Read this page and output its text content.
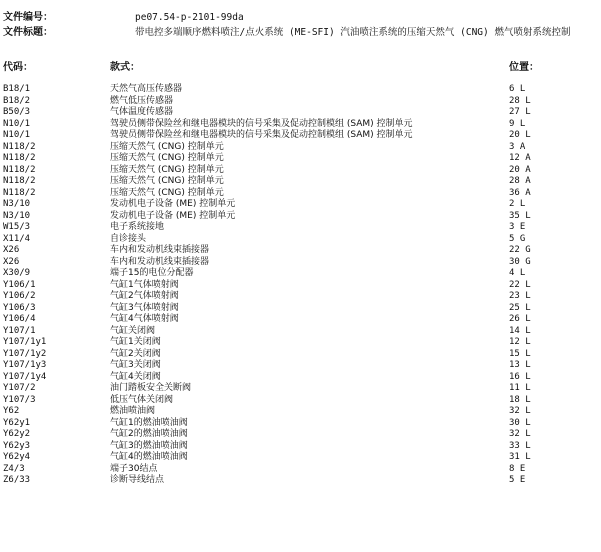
文件编号：	pe07.54-p-2101-99da
文件标题：	带电控多端顺序燃料喷注/点火系统 (ME-SFI) 汽油喷注系统的压缩天然气 (CNG) 燃气喷射系统控制
代码：	款式：	位置：
B18/1	天然气高压传感器	6 L
B18/2	燃气低压传感器	28 L
B50/3	气体温度传感器	27 L
N10/1	驾驶员侧带保险丝和继电器模块的信号采集及促动控制模组 (SAM) 控制单元	9 L
N10/1	驾驶员侧带保险丝和继电器模块的信号采集及促动控制模组 (SAM) 控制单元	20 L
N118/2	压缩天然气 (CNG) 控制单元	3 A
N118/2	压缩天然气 (CNG) 控制单元	12 A
N118/2	压缩天然气 (CNG) 控制单元	20 A
N118/2	压缩天然气 (CNG) 控制单元	28 A
N118/2	压缩天然气 (CNG) 控制单元	36 A
N3/10	发动机电子设备 (ME) 控制单元	2 L
N3/10	发动机电子设备 (ME) 控制单元	35 L
W15/3	电子系统接地	3 E
X11/4	自诊接头	5 G
X26	车内和发动机线束插接器	22 G
X26	车内和发动机线束插接器	30 G
X30/9	端子15的电位分配器	4 L
Y106/1	气缸1气体喷射阀	22 L
Y106/2	气缸2气体喷射阀	23 L
Y106/3	气缸3气体喷射阀	25 L
Y106/4	气缸4气体喷射阀	26 L
Y107/1	气缸关闭阀	14 L
Y107/1y1	气缸1关闭阀	12 L
Y107/1y2	气缸2关闭阀	15 L
Y107/1y3	气缸3关闭阀	13 L
Y107/1y4	气缸4关闭阀	16 L
Y107/2	油门踏板安全关断阀	11 L
Y107/3	低压气体关闭阀	18 L
Y62	燃油喷油阀	32 L
Y62y1	气缸1的燃油喷油阀	30 L
Y62y2	气缸2的燃油喷油阀	32 L
Y62y3	气缸3的燃油喷油阀	33 L
Y62y4	气缸4的燃油喷油阀	31 L
Z4/3	端子30结点	8 E
Z6/33	诊断导线结点	5 E
